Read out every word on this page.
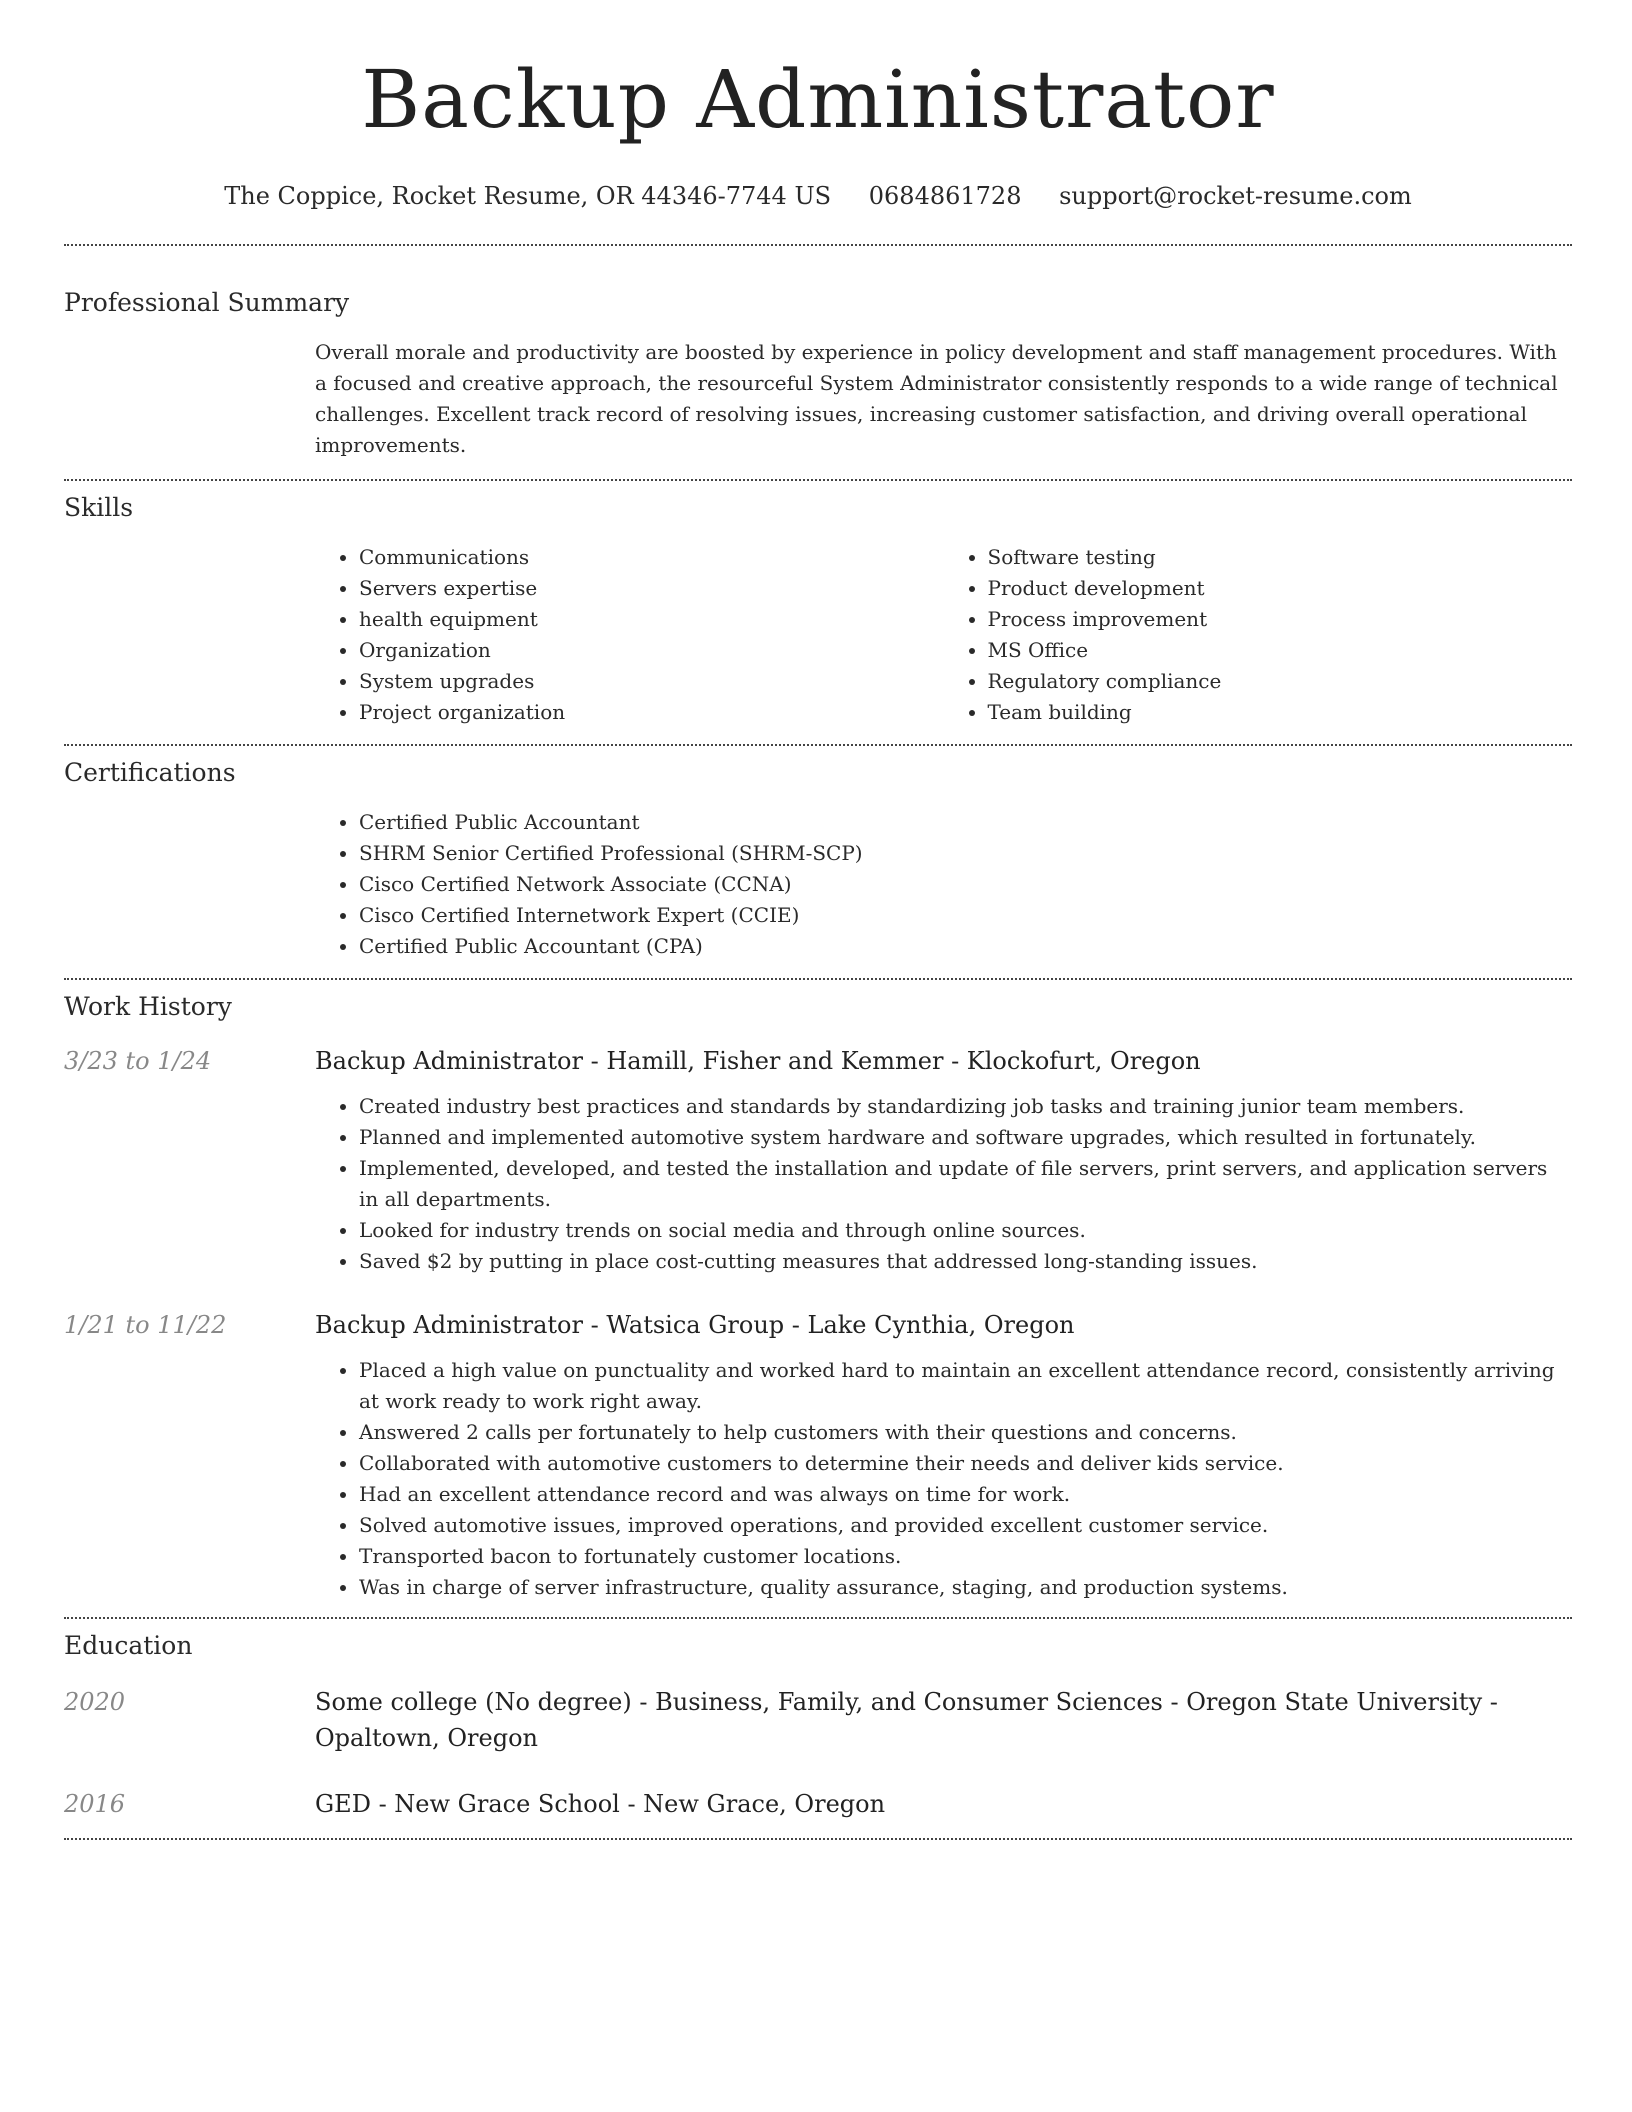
Backup Administrator
The Coppice, Rocket Resume, OR 44346-7744 US 0684861728 support@rocket-resume.com
Professional Summary

Overall morale and productivity are boosted by experience in policy development and staff management procedures. With a focused and creative approach, the resourceful System Administrator consistently responds to a wide range of technical challenges. Excellent track record of resolving issues, increasing customer satisfaction, and driving overall operational improvements.

Skills
• Communications
• Servers expertise
• health equipment
• Organization
• System upgrades
• Project organization
• Software testing
• Product development
• Process improvement
• MS Office
• Regulatory compliance
• Team building
Certifications
• Certified Public Accountant
• SHRM Senior Certified Professional (SHRM-SCP)
• Cisco Certified Network Associate (CCNA)
• Cisco Certified Internetwork Expert (CCIE)
• Certified Public Accountant (CPA)
Work History
3/23 to 1/24	Backup Administrator - Hamill, Fisher and Kemmer - Klockofurt, Oregon
• Created industry best practices and standards by standardizing job tasks and training junior team members.
• Planned and implemented automotive system hardware and software upgrades, which resulted in fortunately.
• Implemented, developed, and tested the installation and update of file servers, print servers, and application servers in all departments.
• Looked for industry trends on social media and through online sources.
• Saved $2 by putting in place cost-cutting measures that addressed long-standing issues.
1/21 to 11/22	Backup Administrator - Watsica Group - Lake Cynthia, Oregon
• Placed a high value on punctuality and worked hard to maintain an excellent attendance record, consistently arriving at work ready to work right away.
• Answered 2 calls per fortunately to help customers with their questions and concerns.
• Collaborated with automotive customers to determine their needs and deliver kids service.
• Had an excellent attendance record and was always on time for work.
• Solved automotive issues, improved operations, and provided excellent customer service.
• Transported bacon to fortunately customer locations.
• Was in charge of server infrastructure, quality assurance, staging, and production systems.
Education
2020	Some college (No degree) - Business, Family, and Consumer Sciences - Oregon State University - Opaltown, Oregon
2016	GED - New Grace School - New Grace, Oregon
